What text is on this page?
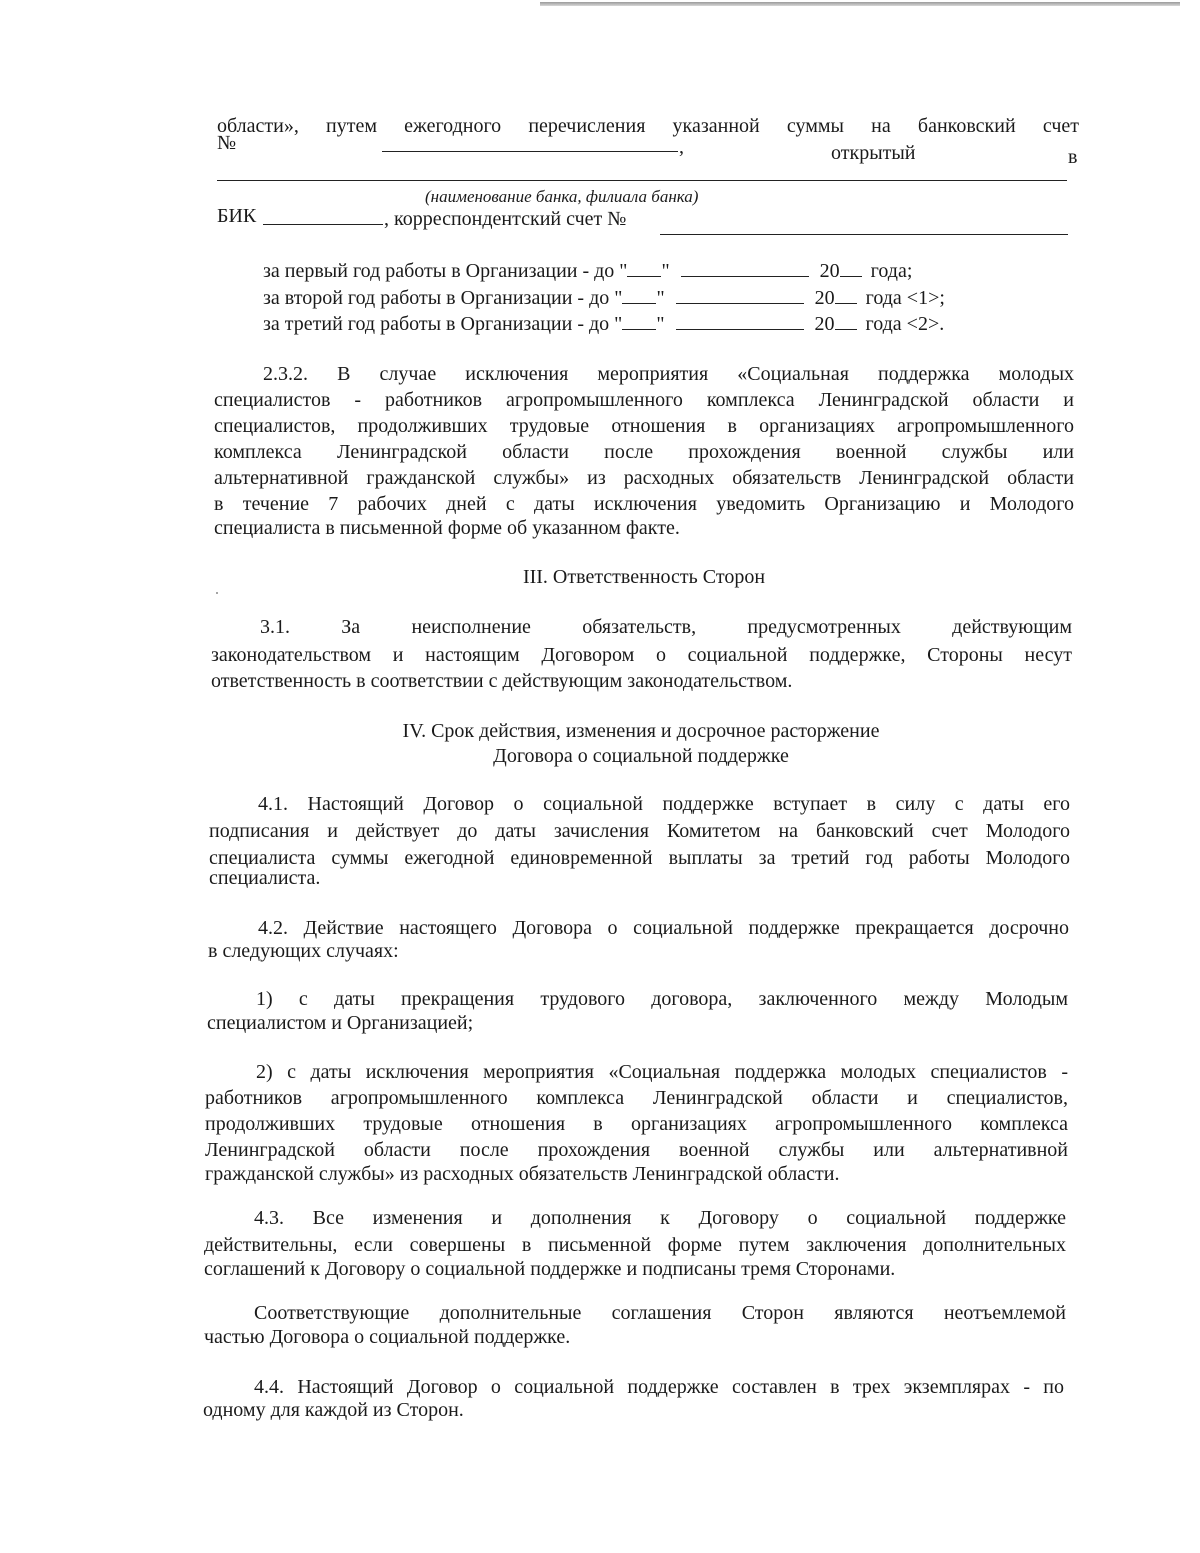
области», путем ежегодного перечисления указанной суммы на банковский счет

№	,	открытый	в
(наименование банка, филиала банка)
БИК	, корреспондентский счет №
за первый год работы в Организации - до " "	20 года;
за второй год работы в Организации - до " "	20 года <1>;
за третий год работы в Организации - до " "	20 года <2>.

2.3.2. В случае исключения мероприятия «Социальная поддержка молодых

специалистов - работников агропромышленного комплекса Ленинградской области и

специалистов, продолживших трудовые отношения в организациях агропромышленного

комплекса Ленинградской области после прохождения военной службы или

альтернативной гражданской службы» из расходных обязательств Ленинградской области

в течение 7 рабочих дней с даты исключения уведомить Организацию и Молодого

специалиста в письменной форме об указанном факте.

III. Ответственность Сторон

3.1. За неисполнение обязательств, предусмотренных действующим

законодательством и настоящим Договором о социальной поддержке, Стороны несут

ответственность в соответствии с действующим законодательством.

IV. Срок действия, изменения и досрочное расторжение

Договора о социальной поддержке

4.1. Настоящий Договор о социальной поддержке вступает в силу с даты его

подписания и действует до даты зачисления Комитетом на банковский счет Молодого

специалиста суммы ежегодной единовременной выплаты за третий год работы Молодого

специалиста.

4.2. Действие настоящего Договора о социальной поддержке прекращается досрочно

в следующих случаях:

1) с даты прекращения трудового договора, заключенного между Молодым

специалистом и Организацией;

2) с даты исключения мероприятия «Социальная поддержка молодых специалистов -

работников агропромышленного комплекса Ленинградской области и специалистов,

продолживших трудовые отношения в организациях агропромышленного комплекса

Ленинградской области после прохождения военной службы или альтернативной

гражданской службы» из расходных обязательств Ленинградской области.

4.3. Все изменения и дополнения к Договору о социальной поддержке

действительны, если совершены в письменной форме путем заключения дополнительных

соглашений к Договору о социальной поддержке и подписаны тремя Сторонами.

Соответствующие дополнительные соглашения Сторон являются неотъемлемой

частью Договора о социальной поддержке.

4.4. Настоящий Договор о социальной поддержке составлен в трех экземплярах - по

одному для каждой из Сторон.
